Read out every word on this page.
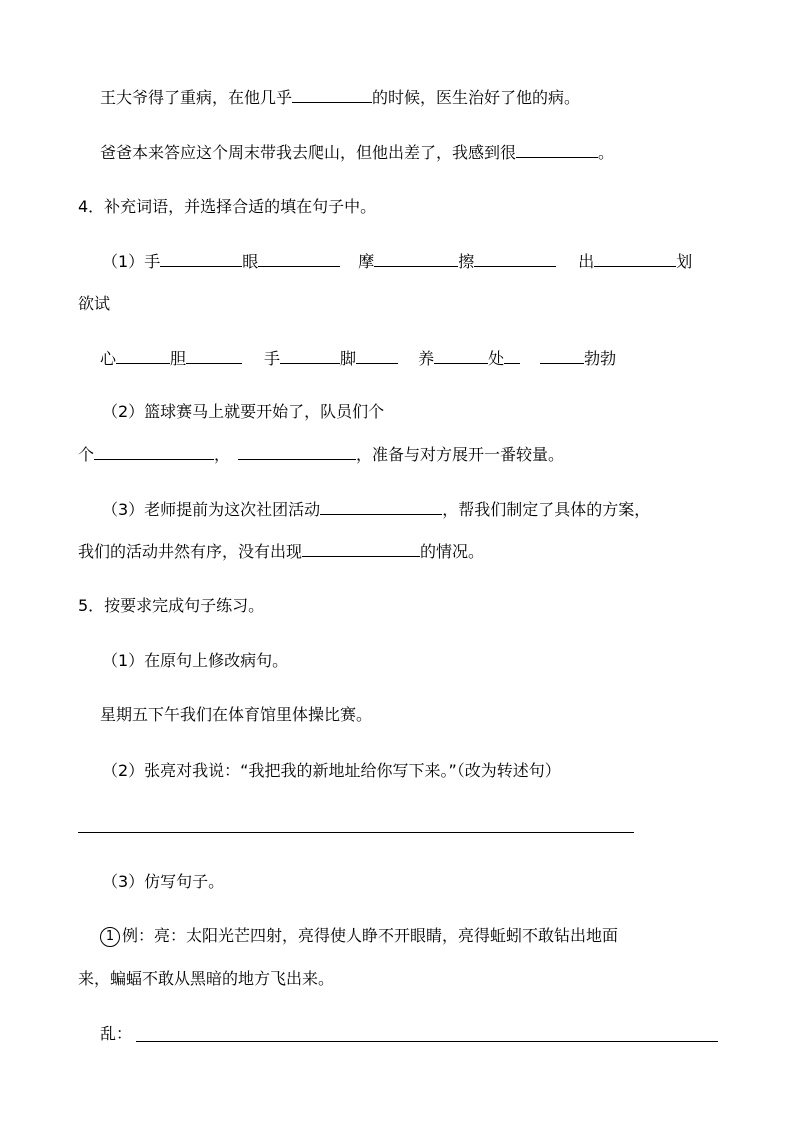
王大爷得了重病，在他几乎	的时候，医生治好了他的病。
爸爸本来答应这个周末带我去爬山，但他出差了，我感到很	。
4．补充词语，并选择合适的填在句子中。
（1）手	眼	摩	擦	出	划
欲试
心	胆	手	脚	养	处	勃勃
（2）篮球赛马上就要开始了，队员们个
个	，	，准备与对方展开一番较量。
（3）老师提前为这次社团活动	，帮我们制定了具体的方案，
我们的活动井然有序，没有出现	的情况。
5．按要求完成句子练习。
（1）在原句上修改病句。
星期五下午我们在体育馆里体操比赛。
（2）张亮对我说：“我把我的新地址给你写下来。”（改为转述句）
（3）仿写句子。
1 例：亮：太阳光芒四射，亮得使人睁不开眼睛，亮得蚯蚓不敢钻出地面
来，蝙蝠不敢从黑暗的地方飞出来。
乱：
